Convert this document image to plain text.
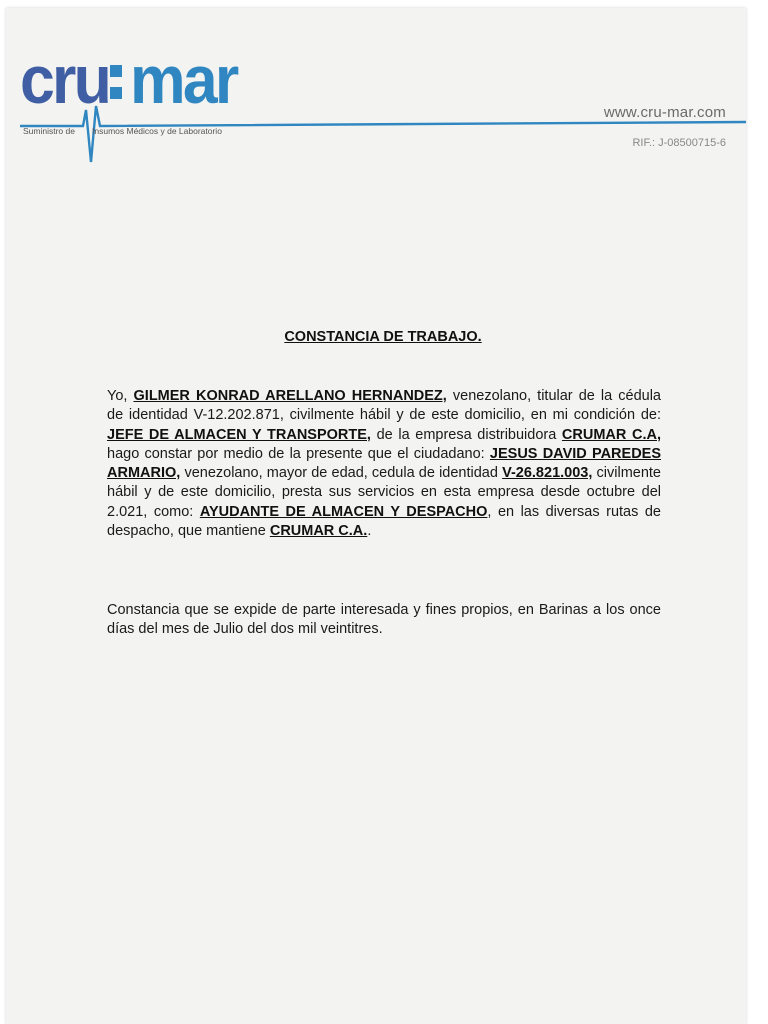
cru mar
Suministro de Insumos Médicos y de Laboratorio
www.cru-mar.com
RIF.: J-08500715-6
CONSTANCIA DE TRABAJO.
Yo, GILMER KONRAD ARELLANO HERNANDEZ, venezolano, titular de la cédula de identidad V-12.202.871, civilmente hábil y de este domicilio, en mi condición de: JEFE DE ALMACEN Y TRANSPORTE, de la empresa distribuidora CRUMAR C.A, hago constar por medio de la presente que el ciudadano: JESUS DAVID PAREDES ARMARIO, venezolano, mayor de edad, cedula de identidad V-26.821.003, civilmente hábil y de este domicilio, presta sus servicios en esta empresa desde octubre del 2.021, como: AYUDANTE DE ALMACEN Y DESPACHO, en las diversas rutas de despacho, que mantiene CRUMAR C.A..
Constancia que se expide de parte interesada y fines propios, en Barinas a los once días del mes de Julio del dos mil veintitres.
